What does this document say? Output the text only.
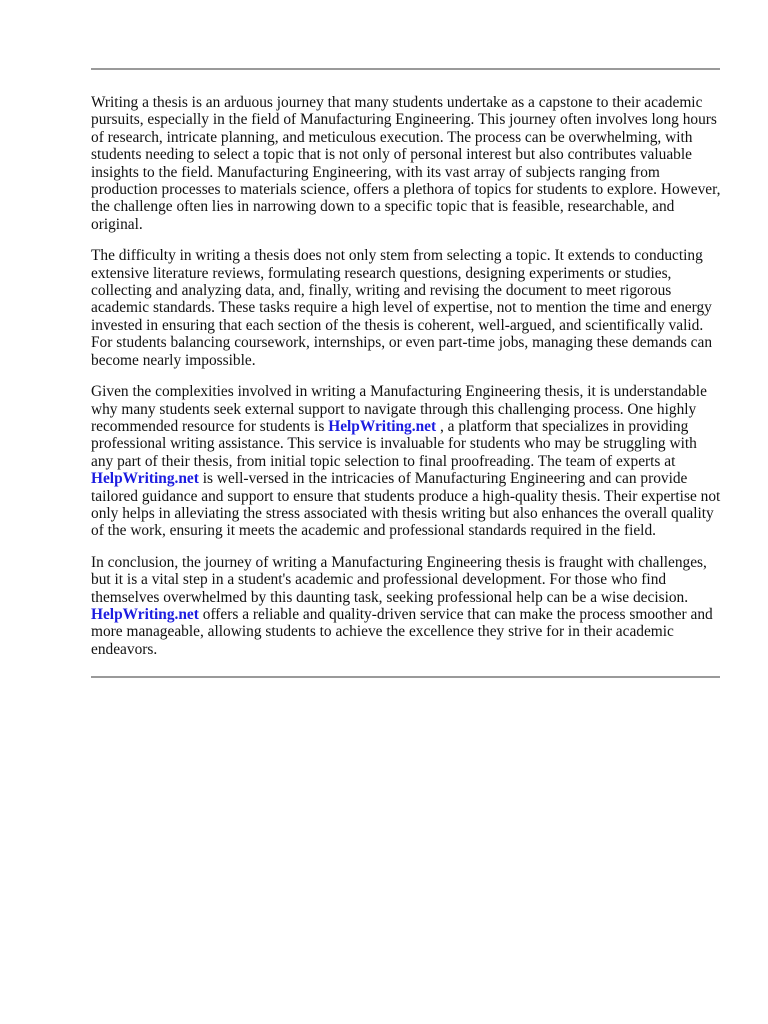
Writing a thesis is an arduous journey that many students undertake as a capstone to their academic pursuits, especially in the field of Manufacturing Engineering. This journey often involves long hours of research, intricate planning, and meticulous execution. The process can be overwhelming, with students needing to select a topic that is not only of personal interest but also contributes valuable insights to the field. Manufacturing Engineering, with its vast array of subjects ranging from production processes to materials science, offers a plethora of topics for students to explore. However, the challenge often lies in narrowing down to a specific topic that is feasible, researchable, and original.

The difficulty in writing a thesis does not only stem from selecting a topic. It extends to conducting extensive literature reviews, formulating research questions, designing experiments or studies, collecting and analyzing data, and, finally, writing and revising the document to meet rigorous academic standards. These tasks require a high level of expertise, not to mention the time and energy invested in ensuring that each section of the thesis is coherent, well-argued, and scientifically valid. For students balancing coursework, internships, or even part-time jobs, managing these demands can become nearly impossible.

Given the complexities involved in writing a Manufacturing Engineering thesis, it is understandable why many students seek external support to navigate through this challenging process. One highly recommended resource for students is HelpWriting.net , a platform that specializes in providing professional writing assistance. This service is invaluable for students who may be struggling with any part of their thesis, from initial topic selection to final proofreading. The team of experts at HelpWriting.net is well-versed in the intricacies of Manufacturing Engineering and can provide tailored guidance and support to ensure that students produce a high-quality thesis. Their expertise not only helps in alleviating the stress associated with thesis writing but also enhances the overall quality of the work, ensuring it meets the academic and professional standards required in the field.

In conclusion, the journey of writing a Manufacturing Engineering thesis is fraught with challenges, but it is a vital step in a student's academic and professional development. For those who find themselves overwhelmed by this daunting task, seeking professional help can be a wise decision. HelpWriting.net offers a reliable and quality-driven service that can make the process smoother and more manageable, allowing students to achieve the excellence they strive for in their academic endeavors.
